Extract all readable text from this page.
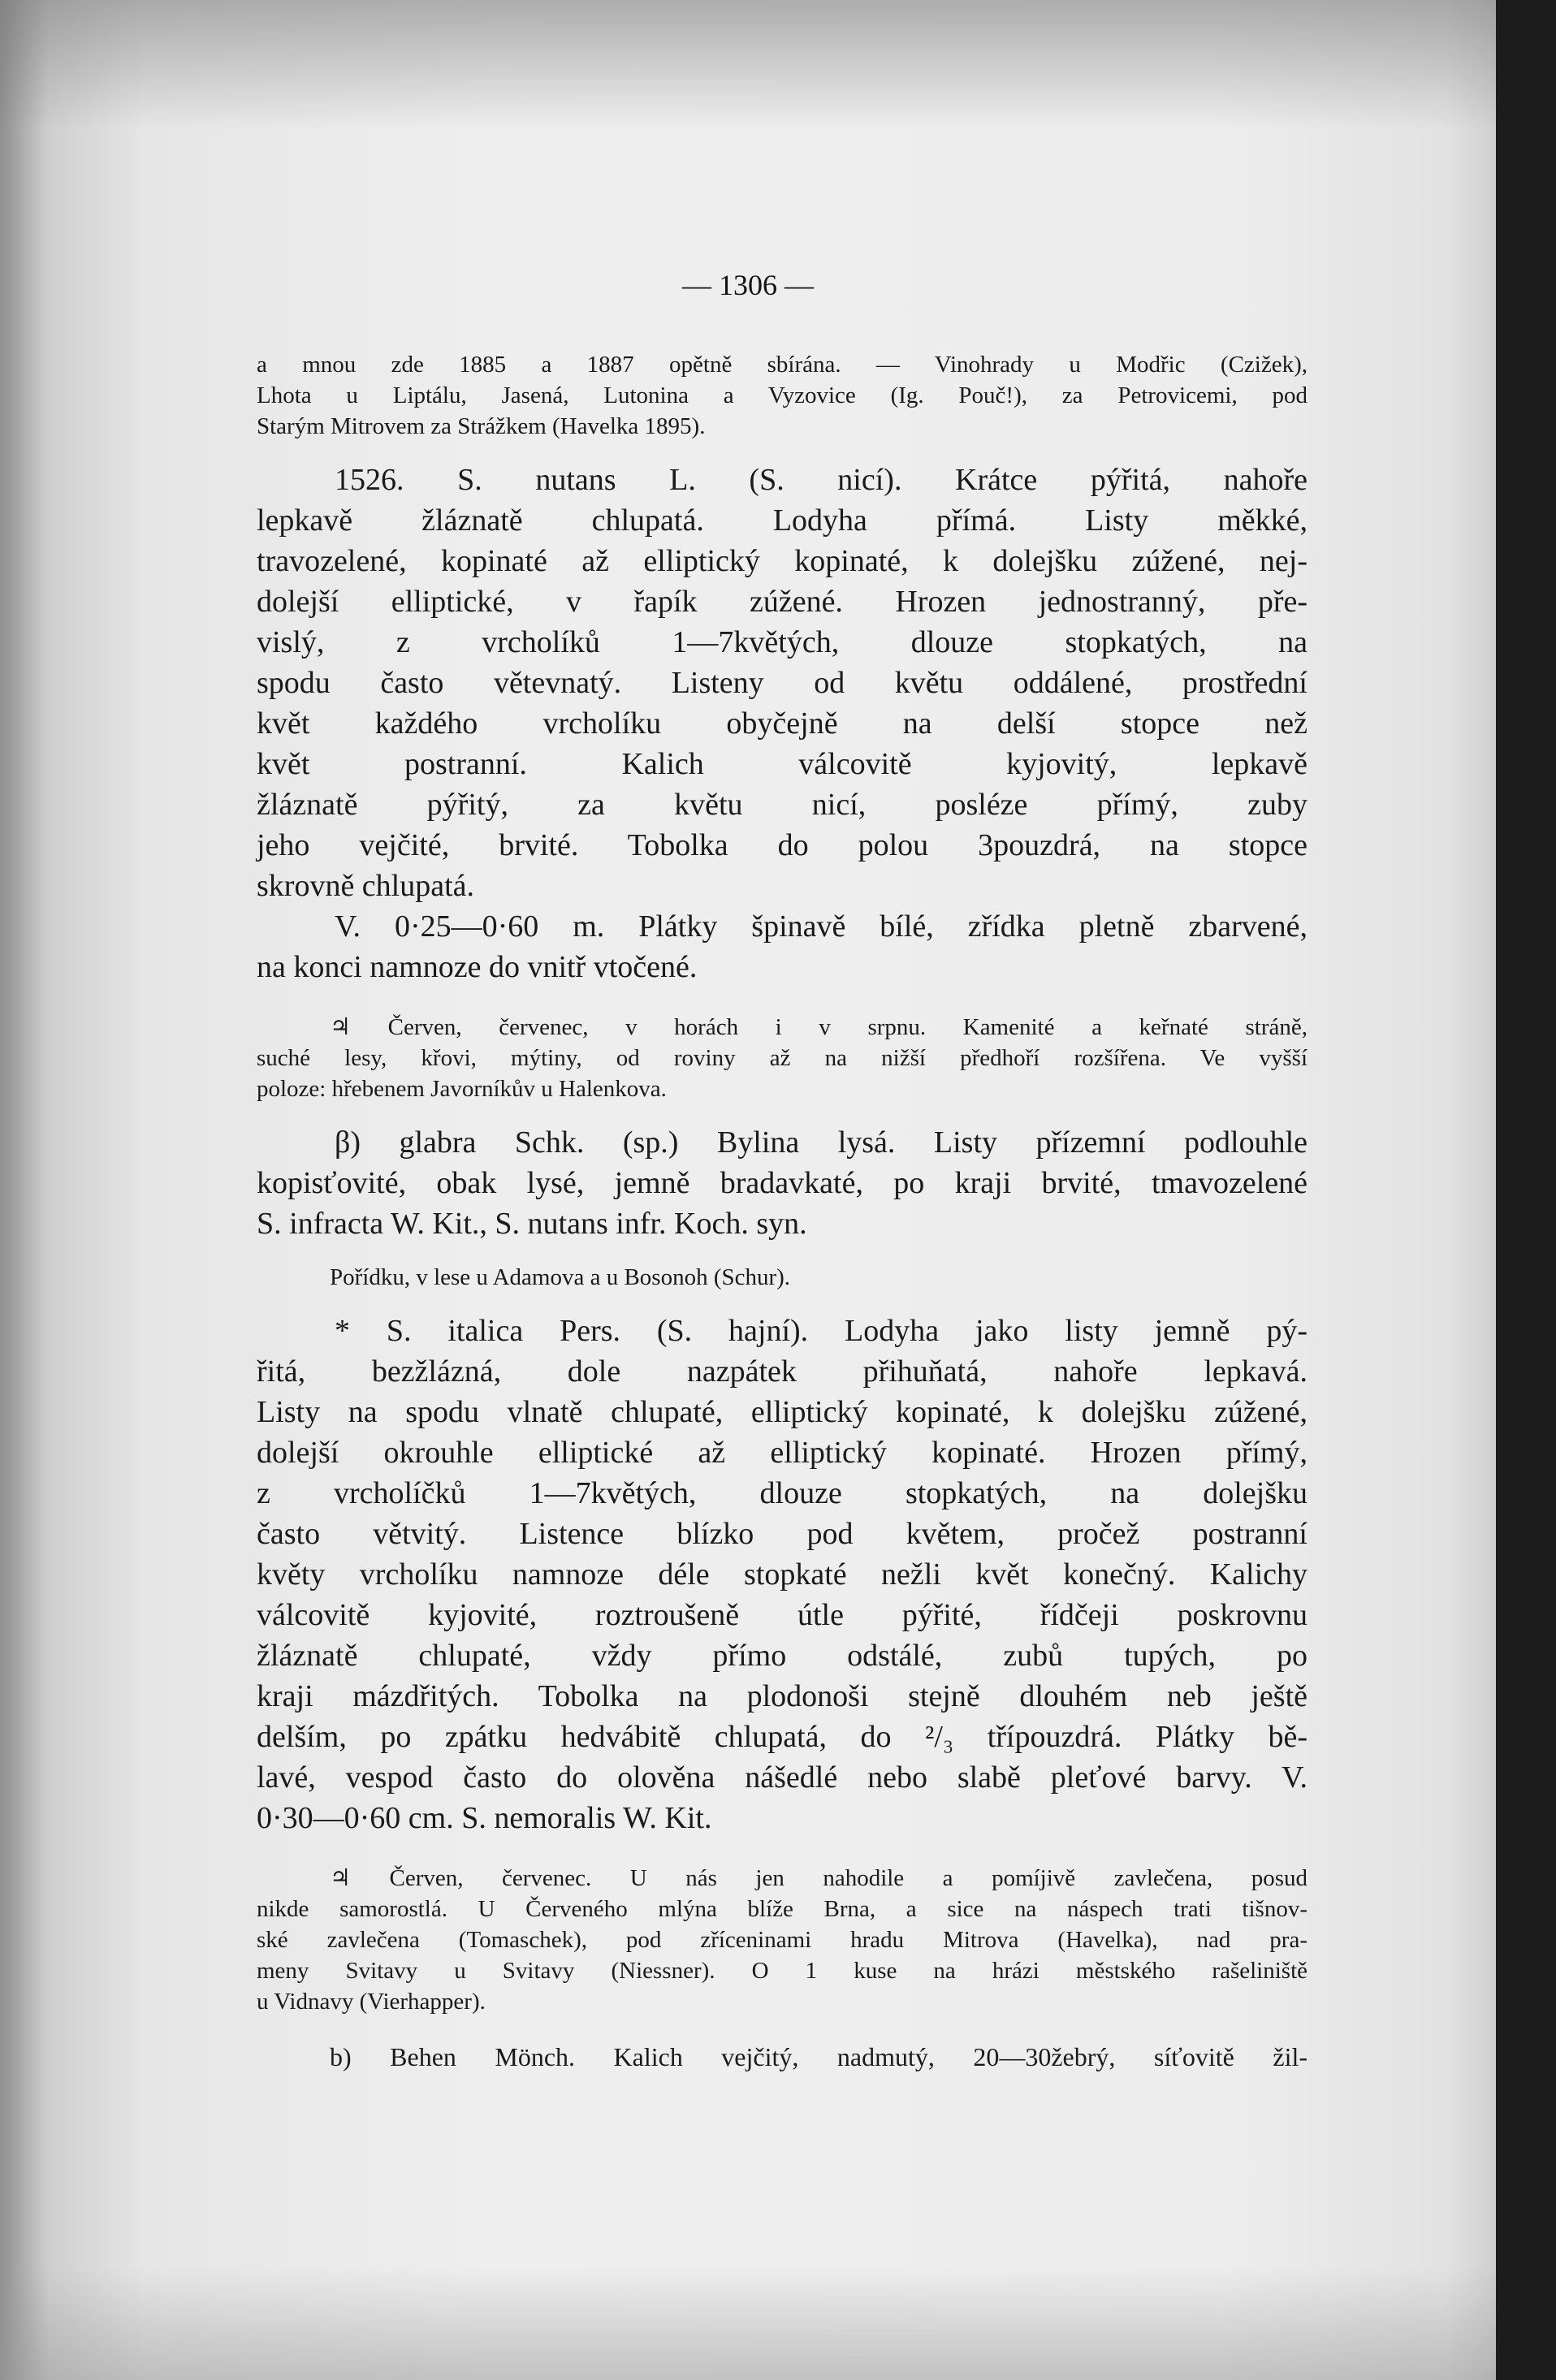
— 1306 —
a mnou zde 1885 a 1887 opětně sbírána. — Vinohrady u Modřic (Czižek),
Lhota u Liptálu, Jasená, Lutonina a Vyzovice (Ig. Pouč!), za Petrovicemi, pod
Starým Mitrovem za Strážkem (Havelka 1895).
1526. S. nutans L. (S. nicí). Krátce pýřitá, nahoře
lepkavě žláznatě chlupatá. Lodyha přímá. Listy měkké,
travozelené, kopinaté až elliptický kopinaté, k dolejšku zúžené, nej-
dolejší elliptické, v řapík zúžené. Hrozen jednostranný, pře-
vislý, z vrcholíků 1—7květých, dlouze stopkatých, na
spodu často větevnatý. Listeny od květu oddálené, prostřední
květ každého vrcholíku obyčejně na delší stopce než
květ postranní. Kalich válcovitě kyjovitý, lepkavě
žláznatě pýřitý, za květu nicí, posléze přímý, zuby
jeho vejčité, brvité. Tobolka do polou 3pouzdrá, na stopce
skrovně chlupatá.
V. 0·25—0·60 m. Plátky špinavě bílé, zřídka pletně zbarvené,
na konci namnoze do vnitř vtočené.
♃ Červen, červenec, v horách i v srpnu. Kamenité a keřnaté stráně,
suché lesy, křovi, mýtiny, od roviny až na nižší předhoří rozšířena. Ve vyšší
poloze: hřebenem Javorníkův u Halenkova.
β) glabra Schk. (sp.) Bylina lysá. Listy přízemní podlouhle
kopisťovité, obak lysé, jemně bradavkaté, po kraji brvité, tmavozelené
S. infracta W. Kit., S. nutans infr. Koch. syn.
Pořídku, v lese u Adamova a u Bosonoh (Schur).
* S. italica Pers. (S. hajní). Lodyha jako listy jemně pý-
řitá, bezžlázná, dole nazpátek přihuňatá, nahoře lepkavá.
Listy na spodu vlnatě chlupaté, elliptický kopinaté, k dolejšku zúžené,
dolejší okrouhle elliptické až elliptický kopinaté. Hrozen přímý,
z vrcholíčků 1—7květých, dlouze stopkatých, na dolejšku
často větvitý. Listence blízko pod květem, pročež postranní
květy vrcholíku namnoze déle stopkaté nežli květ konečný. Kalichy
válcovitě kyjovité, roztroušeně útle pýřité, řídčeji poskrovnu
žláznatě chlupaté, vždy přímo odstálé, zubů tupých, po
kraji mázdřitých. Tobolka na plodonoši stejně dlouhém neb ještě
delším, po zpátku hedvábitě chlupatá, do ²/₃ třípouzdrá. Plátky bě-
lavé, vespod často do olověna nášedlé nebo slabě pleťové barvy. V.
0·30—0·60 cm. S. nemoralis W. Kit.
♃ Červen, červenec. U nás jen nahodile a pomíjivě zavlečena, posud
nikde samorostlá. U Červeného mlýna blíže Brna, a sice na náspech trati tišnov-
ské zavlečena (Tomaschek), pod zříceninami hradu Mitrova (Havelka), nad pra-
meny Svitavy u Svitavy (Niessner). O 1 kuse na hrázi městského rašeliniště
u Vidnavy (Vierhapper).
b) Behen Mönch. Kalich vejčitý, nadmutý, 20—30žebrý, síťovitě žil-
